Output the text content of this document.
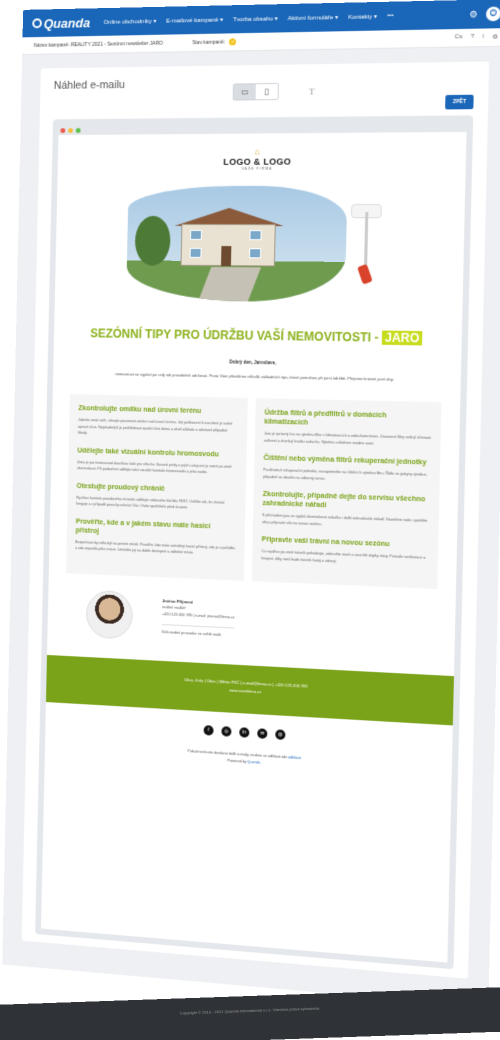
Quanda Online obchodníky ▾ E-mailové kampaně ▾ Tvorba obsahu ▾ Aktivní formuláře ▾ Kontakty ▾ •••	⚙	⏻
Název kampaně:
REALITY 2021 - Sezónní newsletter JARO	Stav kampaně: ✓
Cs ? i ⚙
Náhled e-mailu
▭	▯	T
ZPĚT
⌂
LOGO & LOGO
VAŠE FIRMA
SEZÓNNÍ TIPY PRO ÚDRŽBU VAŠÍ NEMOVITOSTI - JARO
Dobrý den, Jaroslave,
nemovitost se vyplatí po celý rok pravidelně udržovat. Proto Vám přinášíme několik základních tipů, které pomohou při jarní údržbě. Přejeme krásné jarní dny.
Zkontrolujte omítku nad úrovní terénu

Jakmile zmizí sníh, věnujte pozornost omítce nad úrovní terénu. Její poškození či narušení je nutné opravit včas. Nejvhodnější je prohlédnout spodní část domu a okolí základů a odstranit případné škody.

Udělejte také vizuální kontrolu hromosvodu

Zima je pro hromosvod zkouškou také pro střechu. Kovové prvky a jejich uchycení je nutné po zimě zkontrolovat. Při podezření udělejte také vizuální kontrolu hromosvodu a jeho svodů.

Otestujte proudový chránič

Rychlou kontrolu proudového chrániče udělejte stisknutím tlačítka TEST. Ověříte tak, že chránič funguje a v případě poruchy ochrání Vás i Vaše spotřebiče před úrazem.

Prověřte, kde a v jakém stavu máte hasicí přístroj

Bezpečnost by měla být na prvním místě. Prověřte, kde máte umístěný hasicí přístroj, zda je v pořádku a zda neprošla jeho revize. Umístěte jej na dobře dostupné a viditelné místo.

Údržba filtrů a předfiltrů v domácích klimatizacích

Jaro je správný čas na výměnu filtrů v klimatizacích a vzduchotechnice. Zanesené filtry snižují účinnost zařízení a zhoršují kvalitu vzduchu. Výměnu zvládnete snadno sami.

Čištění nebo výměna filtrů rekuperační jednotky

Používáte-li rekuperační jednotku, nezapomeňte na čištění či výměnu filtrů. Řiďte se pokyny výrobce, případně se obraťte na odborný servis.

Zkontrolujte, případně dejte do servisu všechno zahradnické nářadí

S příchodem jara se vyplatí zkontrolovat sekačku i další zahradnické nářadí. Naostřete nože, vyměňte olej a připravte vše na novou sezónu.

Připravte vaši trávní na novou sezónu

Co nejdříve po zimě trávník pohrabejte, odstraňte mech a zaschlé zbytky trávy. Pomůže vertikutace a hnojení, díky nimž bude trávník hustý a zdravý.

Jméno Příjmení
realitní makléř
+420 123 456 789 | e-mail: jmeno@firma.cz
Váš osobní průvodce ve světě realit.
Ulice, číslo | Obec | Město PSČ | e-mail@firma.cz | +420 123 456 789
www.vasefirma.cz
f	◎	in	✉	◍
Pokud nechcete dostávat další e-maily, můžete se odhlásit zde odhlásit
Powered by Quanda
Copyright © 2013 - 2021 Quanda International s.r.o. Všechna práva vyhrazena.
